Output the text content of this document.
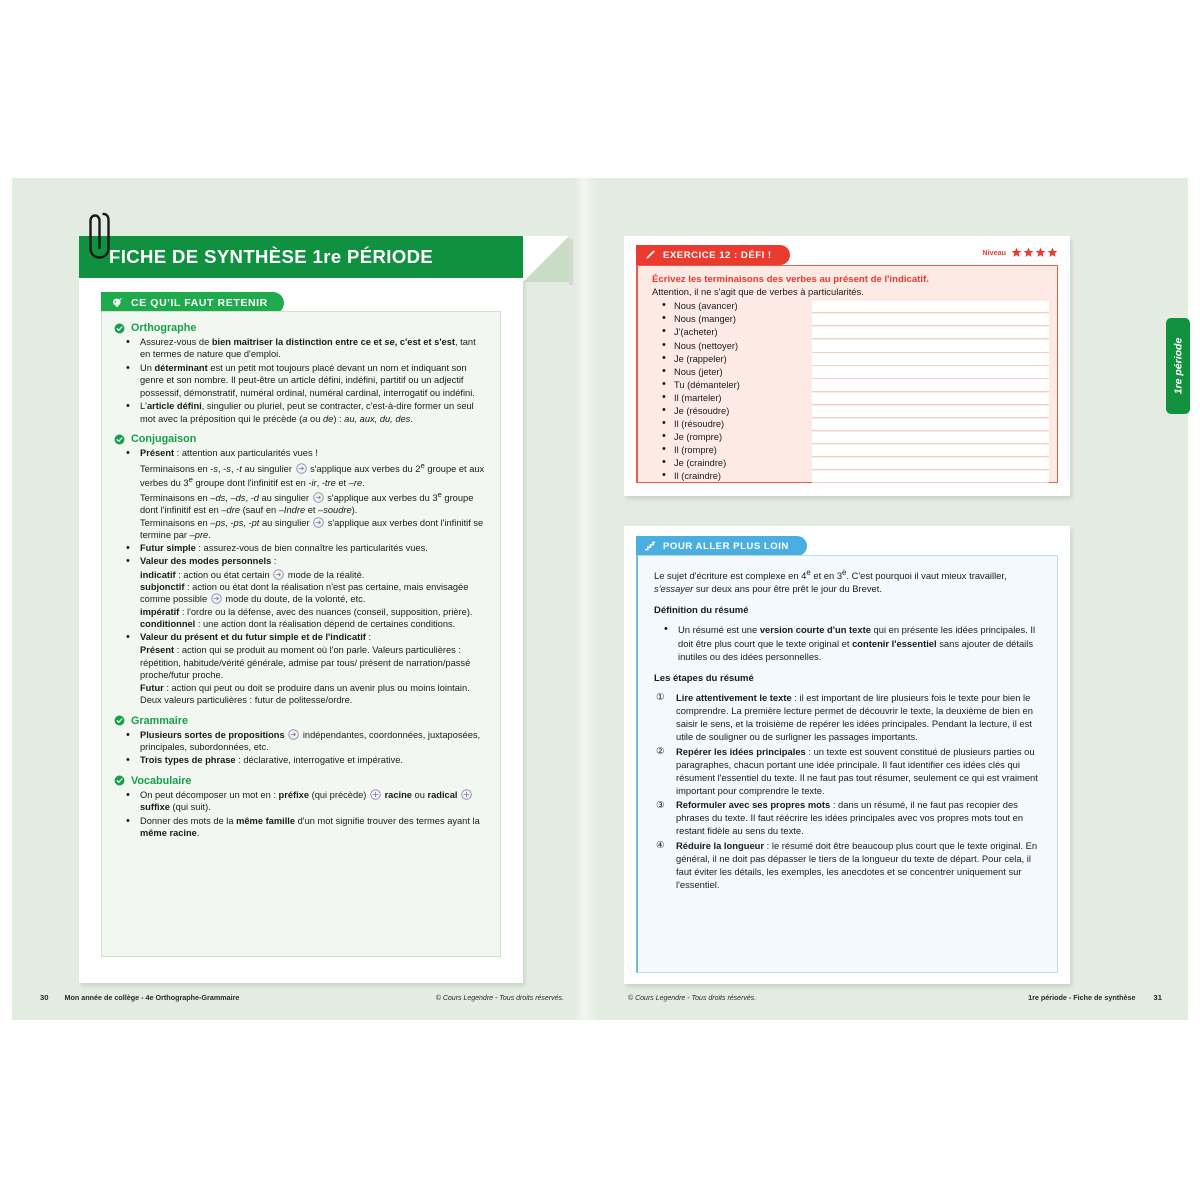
FICHE DE SYNTHÈSE 1re PÉRIODE
CE QU'IL FAUT RETENIR
Orthographe
• Assurez-vous de bien maîtriser la distinction entre ce et se, c'est et s'est, tant en termes de nature que d'emploi.
• Un déterminant est un petit mot toujours placé devant un nom et indiquant son genre et son nombre. Il peut-être un article défini, indéfini, partitif ou un adjectif possessif, démonstratif, numéral ordinal, numéral cardinal, interrogatif ou indéfini.
• L'article défini, singulier ou pluriel, peut se contracter, c'est-à-dire former un seul mot avec la préposition qui le précède (a ou de) : au, aux, du, des.
Conjugaison
• Présent : attention aux particularités vues !
Terminaisons en -s, -s, -t au singulier  s'applique aux verbes du 2e groupe et aux verbes du 3e groupe dont l'infinitif est en -ir, -tre et –re.
Terminaisons en –ds, –ds, -d au singulier  s'applique aux verbes du 3e groupe dont l'infinitif est en –dre (sauf en –Indre et –soudre).
Terminaisons en –ps, -ps, -pt au singulier  s'applique aux verbes dont l'infinitif se termine par –pre.
• Futur simple : assurez-vous de bien connaître les particularités vues.
• Valeur des modes personnels :
indicatif : action ou état certain  mode de la réalité.
subjonctif : action ou état dont la réalisation n'est pas certaine, mais envisagée comme possible  mode du doute, de la volonté, etc.
impératif : l'ordre ou la défense, avec des nuances (conseil, supposition, prière).
conditionnel : une action dont la réalisation dépend de certaines conditions.
• Valeur du présent et du futur simple et de l'indicatif :
Présent : action qui se produit au moment où l'on parle. Valeurs particulières : répétition, habitude/vérité générale, admise par tous/ présent de narration/passé proche/futur proche.
Futur : action qui peut ou doit se produire dans un avenir plus ou moins lointain. Deux valeurs particulières : futur de politesse/ordre.
Grammaire
• Plusieurs sortes de propositions  indépendantes, coordonnées, juxtaposées, principales, subordonnées, etc.
• Trois types de phrase : déclarative, interrogative et impérative.
Vocabulaire
• On peut décomposer un mot en : préfixe (qui précède)  racine ou radical  suffixe (qui suit).
• Donner des mots de la même famille d'un mot signifie trouver des termes ayant la même racine.
30 Mon année de collège - 4e Orthographe-Grammaire	© Cours Legendre - Tous droits réservés.
EXERCICE 12 : DÉFI !	Niveau
Écrivez les terminaisons des verbes au présent de l'indicatif.
Attention, il ne s'agit que de verbes à particularités.
• Nous (avancer)
• Nous (manger)
• J'(acheter)
• Nous (nettoyer)
• Je (rappeler)
• Nous (jeter)
• Tu (démanteler)
• Il (marteler)
• Je (résoudre)
• Il (résoudre)
• Je (rompre)
• Il (rompre)
• Je (craindre)
• Il (craindre)
POUR ALLER PLUS LOIN
Le sujet d'écriture est complexe en 4e et en 3e. C'est pourquoi il vaut mieux travailler, s'essayer sur deux ans pour être prêt le jour du Brevet.
Définition du résumé
• Un résumé est une version courte d'un texte qui en présente les idées principales. Il doit être plus court que le texte original et contenir l'essentiel sans ajouter de détails inutiles ou des idées personnelles.
Les étapes du résumé
① Lire attentivement le texte : il est important de lire plusieurs fois le texte pour bien le comprendre. La première lecture permet de découvrir le texte, la deuxième de bien en saisir le sens, et la troisième de repérer les idées principales. Pendant la lecture, il est utile de souligner ou de surligner les passages importants.
② Repérer les idées principales : un texte est souvent constitué de plusieurs parties ou paragraphes, chacun portant une idée principale. Il faut identifier ces idées clés qui résument l'essentiel du texte. Il ne faut pas tout résumer, seulement ce qui est vraiment important pour comprendre le texte.
③ Reformuler avec ses propres mots : dans un résumé, il ne faut pas recopier des phrases du texte. Il faut réécrire les idées principales avec vos propres mots tout en restant fidèle au sens du texte.
④ Réduire la longueur : le résumé doit être beaucoup plus court que le texte original. En général, il ne doit pas dépasser le tiers de la longueur du texte de départ. Pour cela, il faut éviter les détails, les exemples, les anecdotes et se concentrer uniquement sur l'essentiel.
© Cours Legendre - Tous droits réservés.	1re période - Fiche de synthèse 31
1re période
